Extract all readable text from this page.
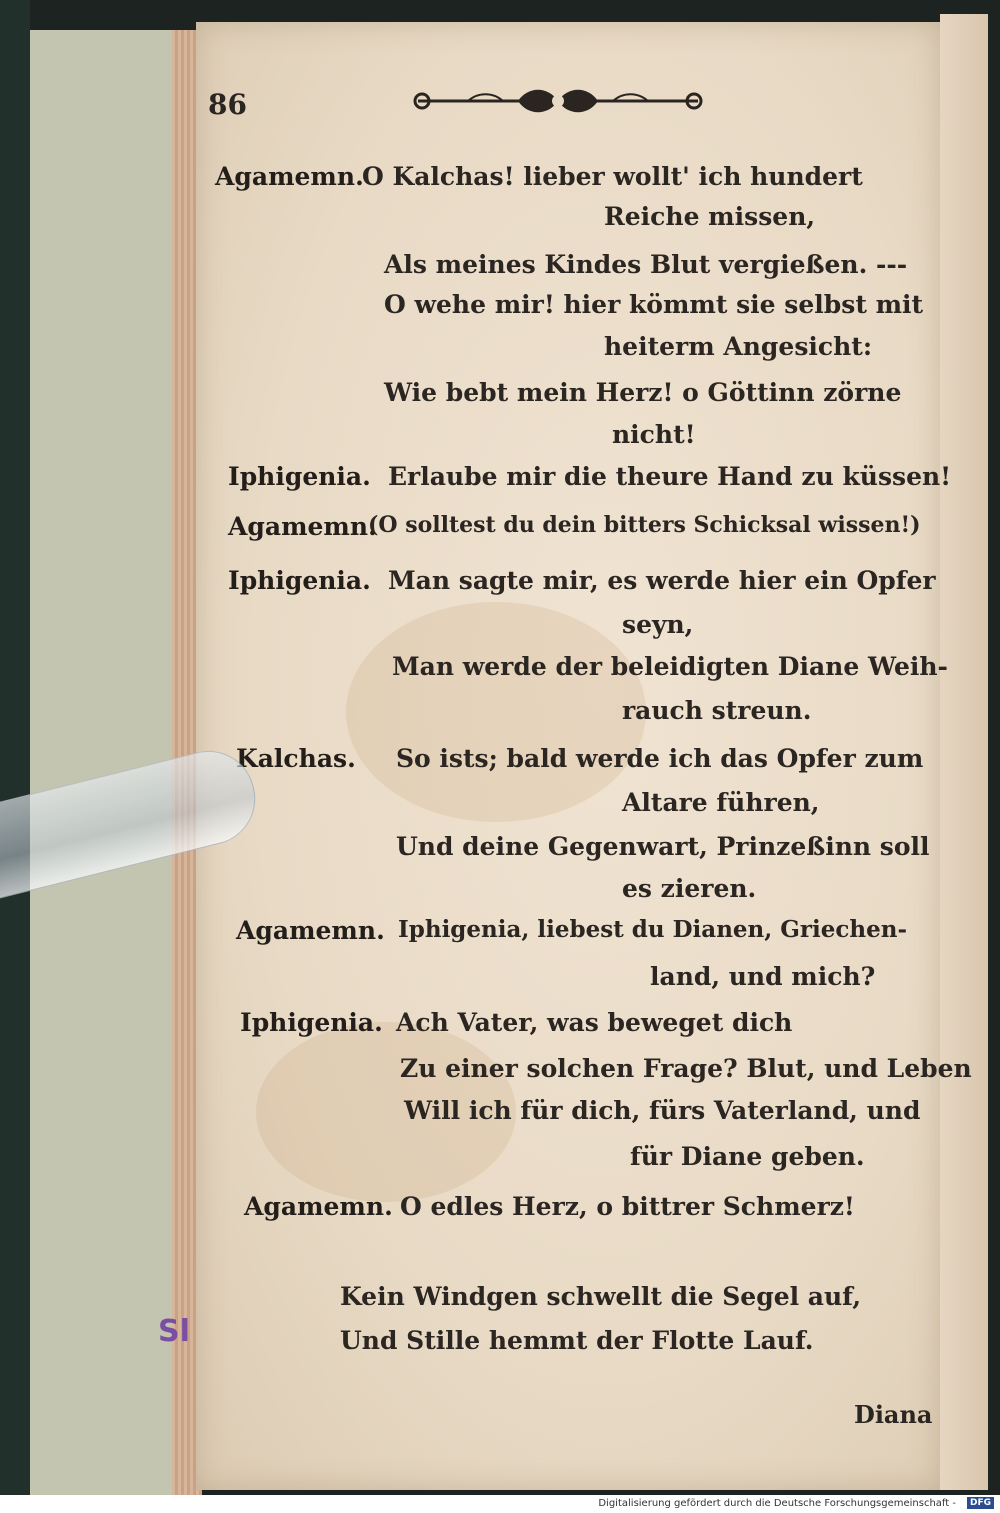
86
Agamemn.
O Kalchas! lieber wollt' ich hundert
Reiche missen,
Als meines Kindes Blut vergießen. ---
O wehe mir! hier kömmt sie selbst mit
heiterm Angesicht:
Wie bebt mein Herz! o Göttinn zörne
nicht!
Iphigenia. Erlaube mir die theure Hand zu küssen!
Agamemn.
(O solltest du dein bitters Schicksal wissen!)
Iphigenia. Man sagte mir, es werde hier ein Opfer
seyn,
Man werde der beleidigten Diane Weih-
rauch streun.
Kalchas. So ists; bald werde ich das Opfer zum
Altare führen,
Und deine Gegenwart, Prinzeßinn soll
es zieren.
Agamemn. Iphigenia, liebest du Dianen, Griechen-
land, und mich?
Iphigenia. Ach Vater, was beweget dich
Zu einer solchen Frage? Blut, und Leben
Will ich für dich, fürs Vaterland, und
für Diane geben.
Agamemn. O edles Herz, o bittrer Schmerz!
Kein Windgen schwellt die Segel auf,
Und Stille hemmt der Flotte Lauf.
Diana
Sl
Digitalisierung gefördert durch die Deutsche Forschungsgemeinschaft -	DFG
